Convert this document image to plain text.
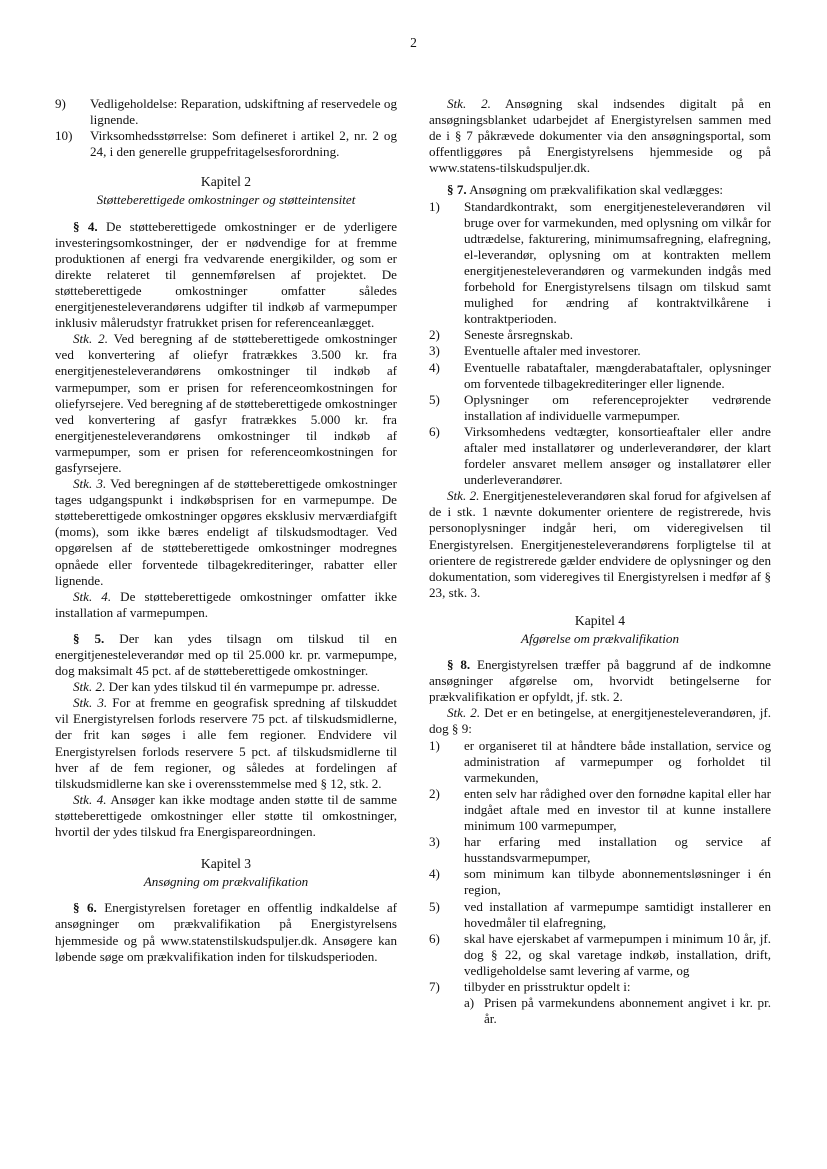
2
9)	Vedligeholdelse: Reparation, udskiftning af reservedele og lignende.
10)	Virksomhedsstørrelse: Som defineret i artikel 2, nr. 2 og 24, i den generelle gruppefritagelsesforordning.
Kapitel 2
Støtteberettigede omkostninger og støtteintensitet

§ 4. De støtteberettigede omkostninger er de yderligere investeringsomkostninger, der er nødvendige for at fremme produktionen af energi fra vedvarende energikilder, og som er direkte relateret til gennemførelsen af projektet. De støtteberettigede omkostninger omfatter således energitjenesteleverandørens udgifter til indkøb af varmepumper inklusiv målerudstyr fratrukket prisen for referenceanlægget.

Stk. 2. Ved beregning af de støtteberettigede omkostninger ved konvertering af oliefyr fratrækkes 3.500 kr. fra energitjenesteleverandørens omkostninger til indkøb af varmepumper, som er prisen for referenceomkostningen for oliefyrsejere. Ved beregning af de støtteberettigede omkostninger ved konvertering af gasfyr fratrækkes 5.000 kr. fra energitjenesteleverandørens omkostninger til indkøb af varmepumper, som er prisen for referenceomkostningen for gasfyrsejere.

Stk. 3. Ved beregningen af de støtteberettigede omkostninger tages udgangspunkt i indkøbsprisen for en varmepumpe. De støtteberettigede omkostninger opgøres eksklusiv merværdiafgift (moms), som ikke bæres endeligt af tilskudsmodtager. Ved opgørelsen af de støtteberettigede omkostninger modregnes opnåede eller forventede tilbagekrediteringer, rabatter eller lignende.

Stk. 4. De støtteberettigede omkostninger omfatter ikke installation af varmepumpen.

§ 5. Der kan ydes tilsagn om tilskud til en energitjenesteleverandør med op til 25.000 kr. pr. varmepumpe, dog maksimalt 45 pct. af de støtteberettigede omkostninger.

Stk. 2. Der kan ydes tilskud til én varmepumpe pr. adresse.

Stk. 3. For at fremme en geografisk spredning af tilskuddet vil Energistyrelsen forlods reservere 75 pct. af tilskudsmidlerne, der frit kan søges i alle fem regioner. Endvidere vil Energistyrelsen forlods reservere 5 pct. af tilskudsmidlerne til hver af de fem regioner, og således at fordelingen af tilskudsmidlerne kan ske i overensstemmelse med § 12, stk. 2.

Stk. 4. Ansøger kan ikke modtage anden støtte til de samme støtteberettigede omkostninger eller støtte til omkostninger, hvortil der ydes tilskud fra Energispareordningen.

Kapitel 3
Ansøgning om prækvalifikation

§ 6. Energistyrelsen foretager en offentlig indkaldelse af ansøgninger om prækvalifikation på Energistyrelsens hjemmeside og på www.statenstilskudspuljer.dk. Ansøgere kan løbende søge om prækvalifikation inden for tilskudsperioden.

Stk. 2. Ansøgning skal indsendes digitalt på en ansøgningsblanket udarbejdet af Energistyrelsen sammen med de i § 7 påkrævede dokumenter via den ansøgningsportal, som offentliggøres på Energistyrelsens hjemmeside og på www.statens-tilskudspuljer.dk.

§ 7. Ansøgning om prækvalifikation skal vedlægges:

1)	Standardkontrakt, som energitjenesteleverandøren vil bruge over for varmekunden, med oplysning om vilkår for udtrædelse, fakturering, minimumsafregning, elafregning, el-leverandør, oplysning om at kontrakten mellem energitjenesteleverandøren og varmekunden indgås med forbehold for Energistyrelsens tilsagn om tilskud samt mulighed for ændring af kontraktvilkårene i kontraktperioden.
2)	Seneste årsregnskab.
3)	Eventuelle aftaler med investorer.
4)	Eventuelle rabataftaler, mængderabataftaler, oplysninger om forventede tilbagekrediteringer eller lignende.
5)	Oplysninger om referenceprojekter vedrørende installation af individuelle varmepumper.
6)	Virksomhedens vedtægter, konsortieaftaler eller andre aftaler med installatører og underleverandører, der klart fordeler ansvaret mellem ansøger og installatører eller underleverandører.

Stk. 2. Energitjenesteleverandøren skal forud for afgivelsen af de i stk. 1 nævnte dokumenter orientere de registrerede, hvis personoplysninger indgår heri, om videregivelsen til Energistyrelsen. Energitjenesteleverandørens forpligtelse til at orientere de registrerede gælder endvidere de oplysninger og den dokumentation, som videregives til Energistyrelsen i medfør af § 23, stk. 3.

Kapitel 4
Afgørelse om prækvalifikation

§ 8. Energistyrelsen træffer på baggrund af de indkomne ansøgninger afgørelse om, hvorvidt betingelserne for prækvalifikation er opfyldt, jf. stk. 2.

Stk. 2. Det er en betingelse, at energitjenesteleverandøren, jf. dog § 9:

1)	er organiseret til at håndtere både installation, service og administration af varmepumper og forholdet til varmekunden,
2)	enten selv har rådighed over den fornødne kapital eller har indgået aftale med en investor til at kunne installere minimum 100 varmepumper,
3)	har erfaring med installation og service af husstandsvarmepumper,
4)	som minimum kan tilbyde abonnementsløsninger i én region,
5)	ved installation af varmepumpe samtidigt installerer en hovedmåler til elafregning,
6)	skal have ejerskabet af varmepumpen i minimum 10 år, jf. dog § 22, og skal varetage indkøb, installation, drift, vedligeholdelse samt levering af varme, og
7)	tilbyder en prisstruktur opdelt i:
a) Prisen på varmekundens abonnement angivet i kr. pr. år.
